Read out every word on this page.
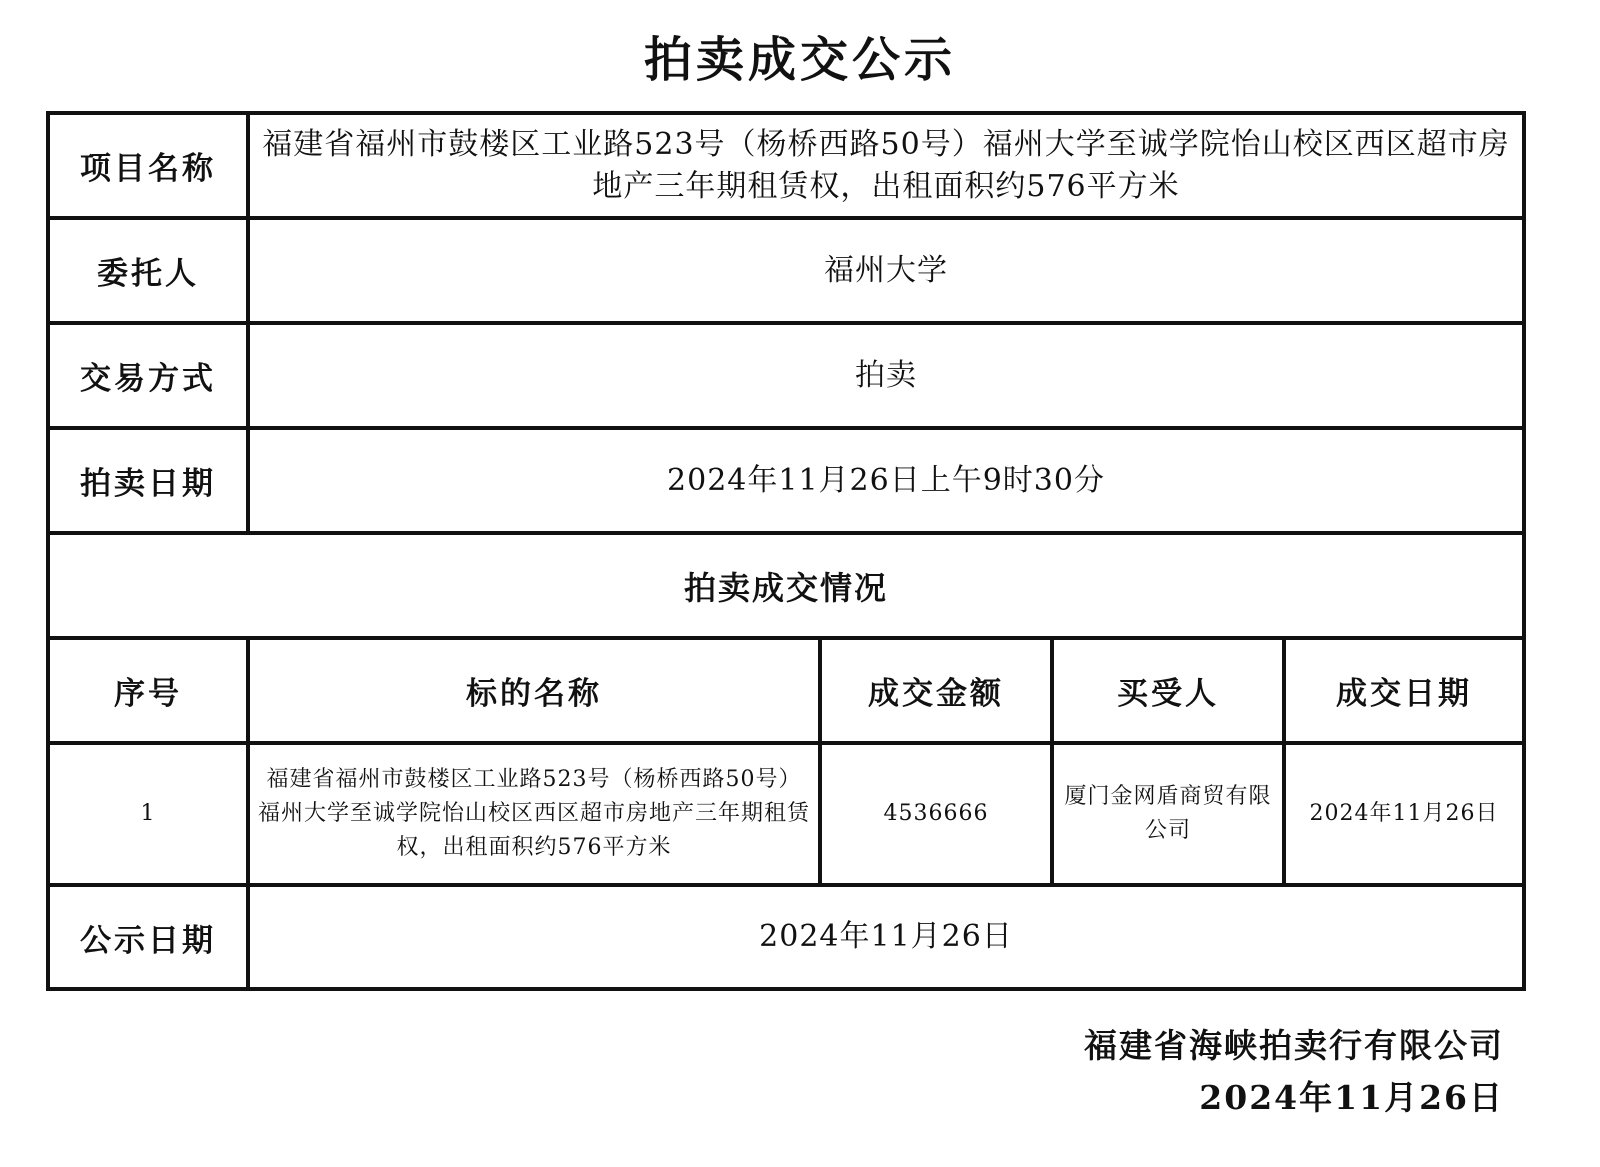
拍卖成交公示
项目名称	福建省福州市鼓楼区工业路523号（杨桥西路50号）福州大学至诚学院怡山校区西区超市房地产三年期租赁权，出租面积约576平方米			
委托人	福州大学			
交易方式	拍卖			
拍卖日期	2024年11月26日上午9时30分			
拍卖成交情况				
序号	标的名称	成交金额	买受人	成交日期
1	福建省福州市鼓楼区工业路523号（杨桥西路50号）福州大学至诚学院怡山校区西区超市房地产三年期租赁权，出租面积约576平方米	4536666	厦门金网盾商贸有限公司	2024年11月26日
公示日期	2024年11月26日			
福建省海峡拍卖行有限公司
2024年11月26日
